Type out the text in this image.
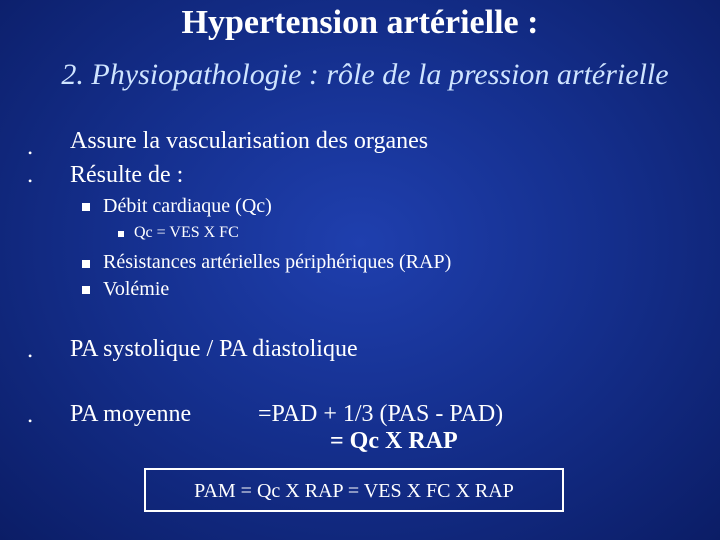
Hypertension artérielle :
2. Physiopathologie : rôle de la pression artérielle
• Assure la vascularisation des organes
• Résulte de :
Débit cardiaque (Qc)
Qc = VES X FC
Résistances artérielles périphériques (RAP)
Volémie
• PA systolique / PA diastolique
• PA moyenne	=PAD + 1/3 (PAS - PAD)
= Qc X RAP
PAM = Qc X RAP = VES X FC X RAP
